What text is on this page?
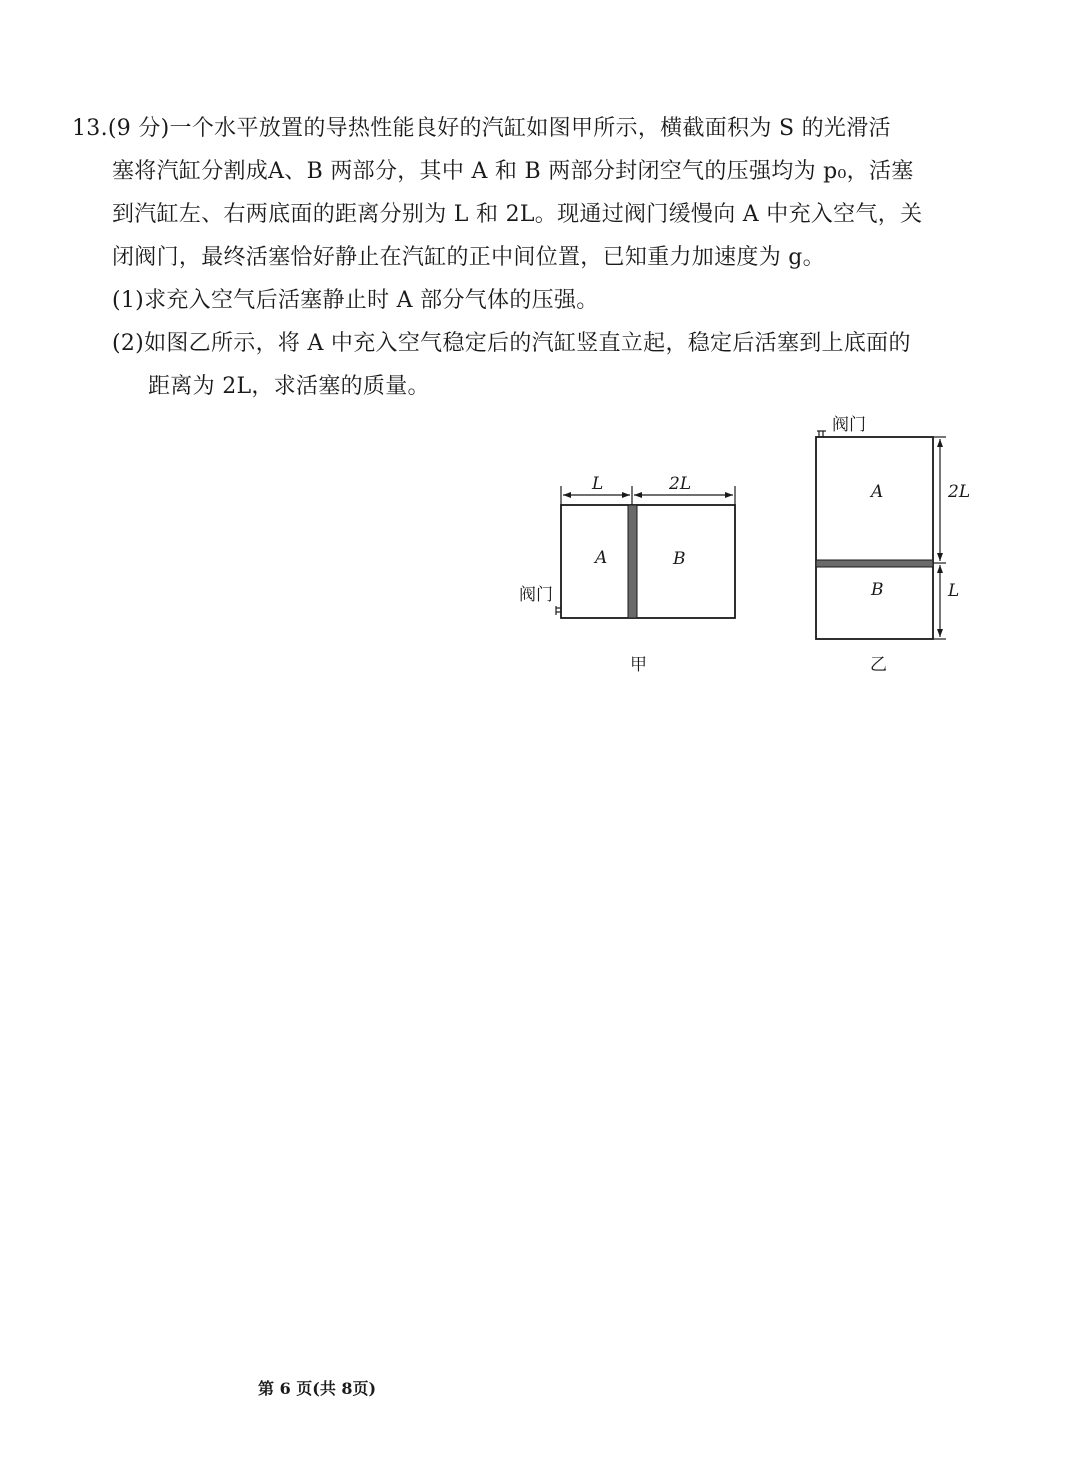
13.(9 分)一个水平放置的导热性能良好的汽缸如图甲所示，横截面积为 S 的光滑活
塞将汽缸分割成A、B 两部分，其中 A 和 B 两部分封闭空气的压强均为 p₀，活塞
到汽缸左、右两底面的距离分别为 L 和 2L。现通过阀门缓慢向 A 中充入空气，关
闭阀门，最终活塞恰好静止在汽缸的正中间位置，已知重力加速度为 g。
(1)求充入空气后活塞静止时 A 部分气体的压强。
(2)如图乙所示，将 A 中充入空气稳定后的汽缸竖直立起，稳定后活塞到上底面的
距离为 2L，求活塞的质量。
L	2L
A	B
阀门
甲
阀门
2L
L
A
B
乙
第 6 页(共 8页)
